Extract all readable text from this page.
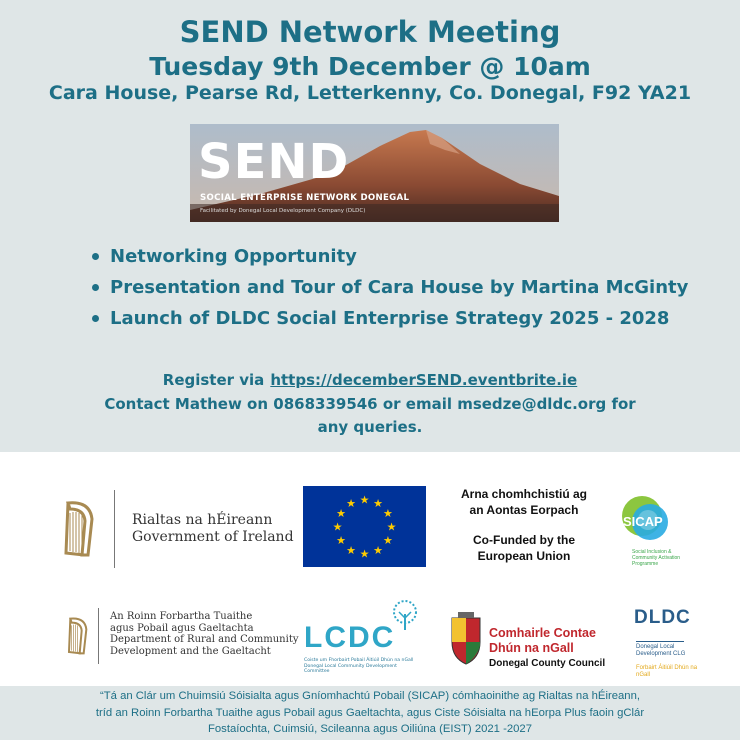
SEND Network Meeting
Tuesday 9th December @ 10am
Cara House, Pearse Rd, Letterkenny, Co. Donegal, F92 YA21
SEND
SOCIAL ENTERPRISE NETWORK DONEGAL
Facilitated by Donegal Local Development Company (DLDC)
Networking Opportunity
Presentation and Tour of Cara House by Martina McGinty
Launch of DLDC Social Enterprise Strategy 2025 - 2028
Register via https://decemberSEND.eventbrite.ie
Contact Mathew on 0868339546 or email msedze@dldc.org for
any queries.
Rialtas na hÉireann
Government of Ireland
★ ★
★
★
★
★
★
★
★
★
★
★
Arna chomhchistiú ag
an Aontas Eorpach
Co-Funded by the
European Union
SICAP
Social Inclusion & Community Activation Programme
An Roinn Forbartha Tuaithe
agus Pobail agus Gaeltachta
Department of Rural and Community
Development and the Gaeltacht	LCDC
Coiste um Fhorbairt Pobail Áitiúil Dhún na nGall Donegal Local Community Development Committee
Comhairle Contae
Dhún na nGall
Donegal County Council
DLDC
Donegal Local Development CLG
Forbairt Áitiúil Dhún na nGall

“Tá an Clár um Chuimsiú Sóisialta agus Gníomhachtú Pobail (SICAP) cómhaoinithe ag Rialtas na hÉireann,
tríd an Roinn Forbartha Tuaithe agus Pobail agus Gaeltachta, agus Ciste Sóisialta na hEorpa Plus faoin gClár
Fostaíochta, Cuimsiú, Scileanna agus Oiliúna (EIST) 2021 -2027
